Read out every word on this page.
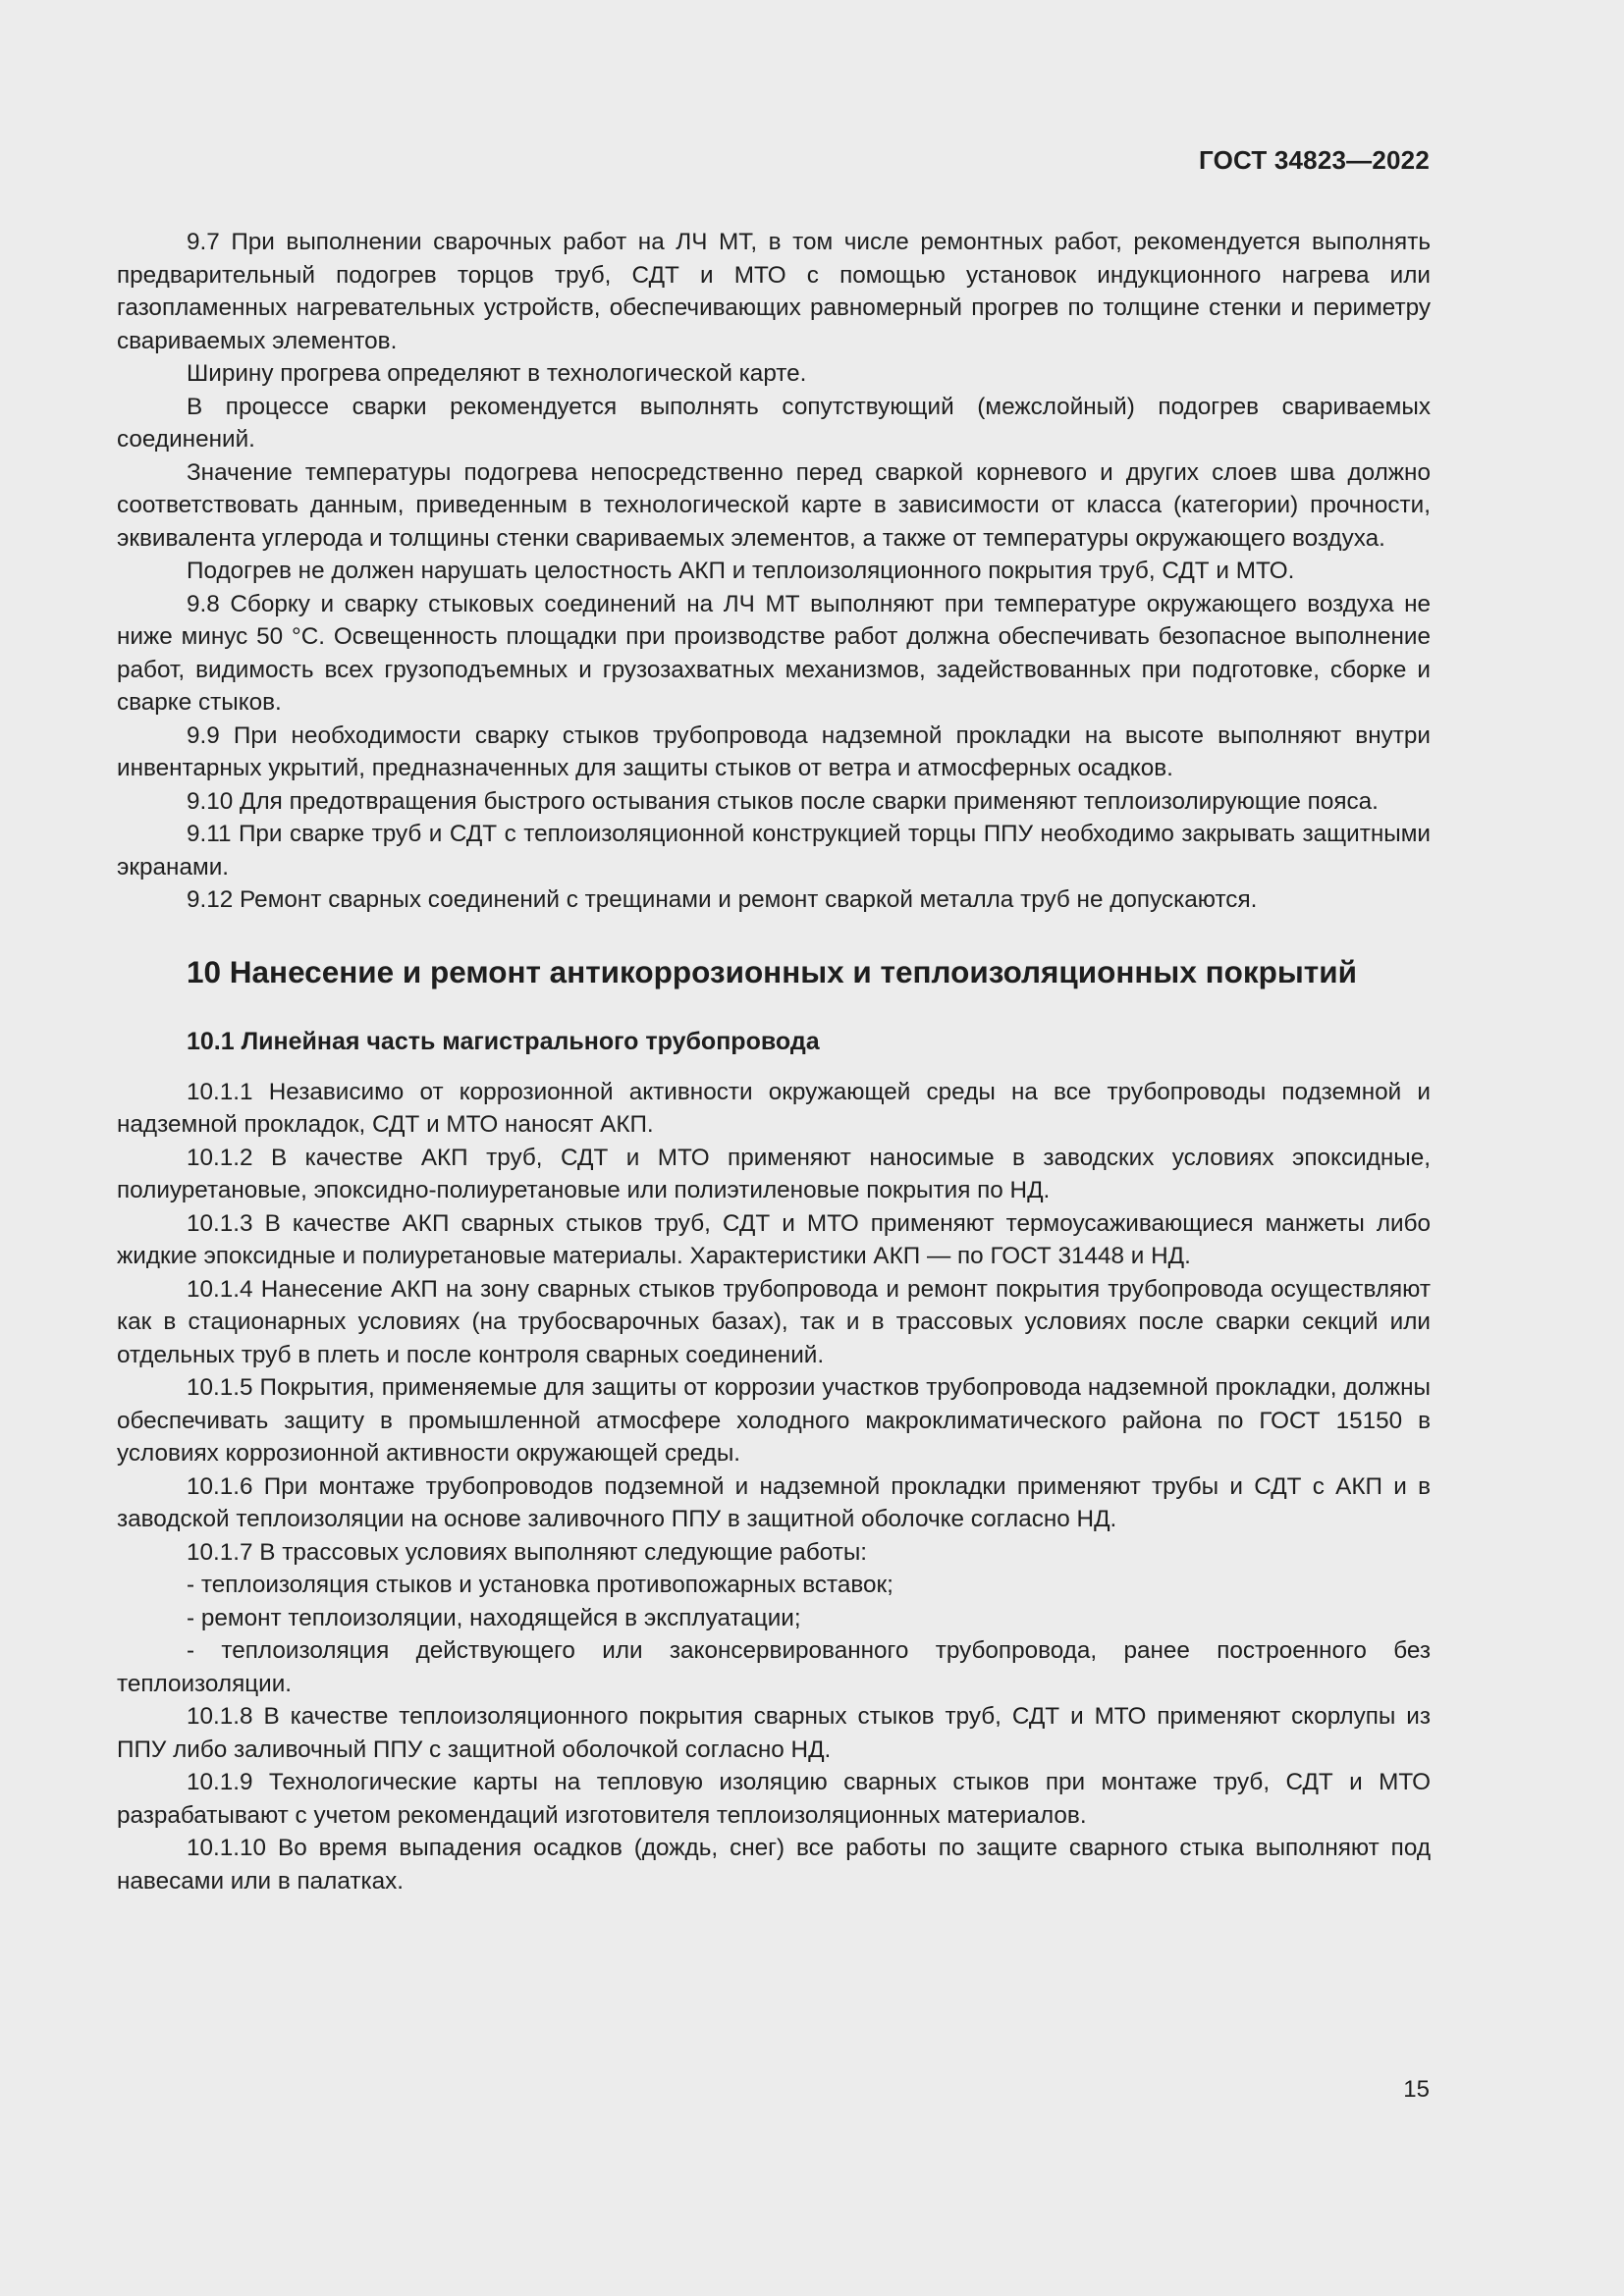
ГОСТ 34823—2022

9.7 При выполнении сварочных работ на ЛЧ МТ, в том числе ремонтных работ, рекомендуется выполнять предварительный подогрев торцов труб, СДТ и МТО с помощью установок индукционного нагрева или газопламенных нагревательных устройств, обеспечивающих равномерный прогрев по толщине стенки и периметру свариваемых элементов.

Ширину прогрева определяют в технологической карте.

В процессе сварки рекомендуется выполнять сопутствующий (межслойный) подогрев свариваемых соединений.

Значение температуры подогрева непосредственно перед сваркой корневого и других слоев шва должно соответствовать данным, приведенным в технологической карте в зависимости от класса (категории) прочности, эквивалента углерода и толщины стенки свариваемых элементов, а также от температуры окружающего воздуха.

Подогрев не должен нарушать целостность АКП и теплоизоляционного покрытия труб, СДТ и МТО.

9.8 Сборку и сварку стыковых соединений на ЛЧ МТ выполняют при температуре окружающего воздуха не ниже минус 50 °С. Освещенность площадки при производстве работ должна обеспечивать безопасное выполнение работ, видимость всех грузоподъемных и грузозахватных механизмов, задействованных при подготовке, сборке и сварке стыков.

9.9 При необходимости сварку стыков трубопровода надземной прокладки на высоте выполняют внутри инвентарных укрытий, предназначенных для защиты стыков от ветра и атмосферных осадков.

9.10 Для предотвращения быстрого остывания стыков после сварки применяют теплоизолирующие пояса.

9.11 При сварке труб и СДТ с теплоизоляционной конструкцией торцы ППУ необходимо закрывать защитными экранами.

9.12 Ремонт сварных соединений с трещинами и ремонт сваркой металла труб не допускаются.

10 Нанесение и ремонт антикоррозионных и теплоизоляционных покрытий
10.1 Линейная часть магистрального трубопровода

10.1.1 Независимо от коррозионной активности окружающей среды на все трубопроводы подземной и надземной прокладок, СДТ и МТО наносят АКП.

10.1.2 В качестве АКП труб, СДТ и МТО применяют наносимые в заводских условиях эпоксидные, полиуретановые, эпоксидно-полиуретановые или полиэтиленовые покрытия по НД.

10.1.3 В качестве АКП сварных стыков труб, СДТ и МТО применяют термоусаживающиеся манжеты либо жидкие эпоксидные и полиуретановые материалы. Характеристики АКП — по ГОСТ 31448 и НД.

10.1.4 Нанесение АКП на зону сварных стыков трубопровода и ремонт покрытия трубопровода осуществляют как в стационарных условиях (на трубосварочных базах), так и в трассовых условиях после сварки секций или отдельных труб в плеть и после контроля сварных соединений.

10.1.5 Покрытия, применяемые для защиты от коррозии участков трубопровода надземной прокладки, должны обеспечивать защиту в промышленной атмосфере холодного макроклиматического района по ГОСТ 15150 в условиях коррозионной активности окружающей среды.

10.1.6 При монтаже трубопроводов подземной и надземной прокладки применяют трубы и СДТ с АКП и в заводской теплоизоляции на основе заливочного ППУ в защитной оболочке согласно НД.

10.1.7 В трассовых условиях выполняют следующие работы:

- теплоизоляция стыков и установка противопожарных вставок;

- ремонт теплоизоляции, находящейся в эксплуатации;

- теплоизоляция действующего или законсервированного трубопровода, ранее построенного без теплоизоляции.

10.1.8 В качестве теплоизоляционного покрытия сварных стыков труб, СДТ и МТО применяют скорлупы из ППУ либо заливочный ППУ с защитной оболочкой согласно НД.

10.1.9 Технологические карты на тепловую изоляцию сварных стыков при монтаже труб, СДТ и МТО разрабатывают с учетом рекомендаций изготовителя теплоизоляционных материалов.

10.1.10 Во время выпадения осадков (дождь, снег) все работы по защите сварного стыка выполняют под навесами или в палатках.

15
